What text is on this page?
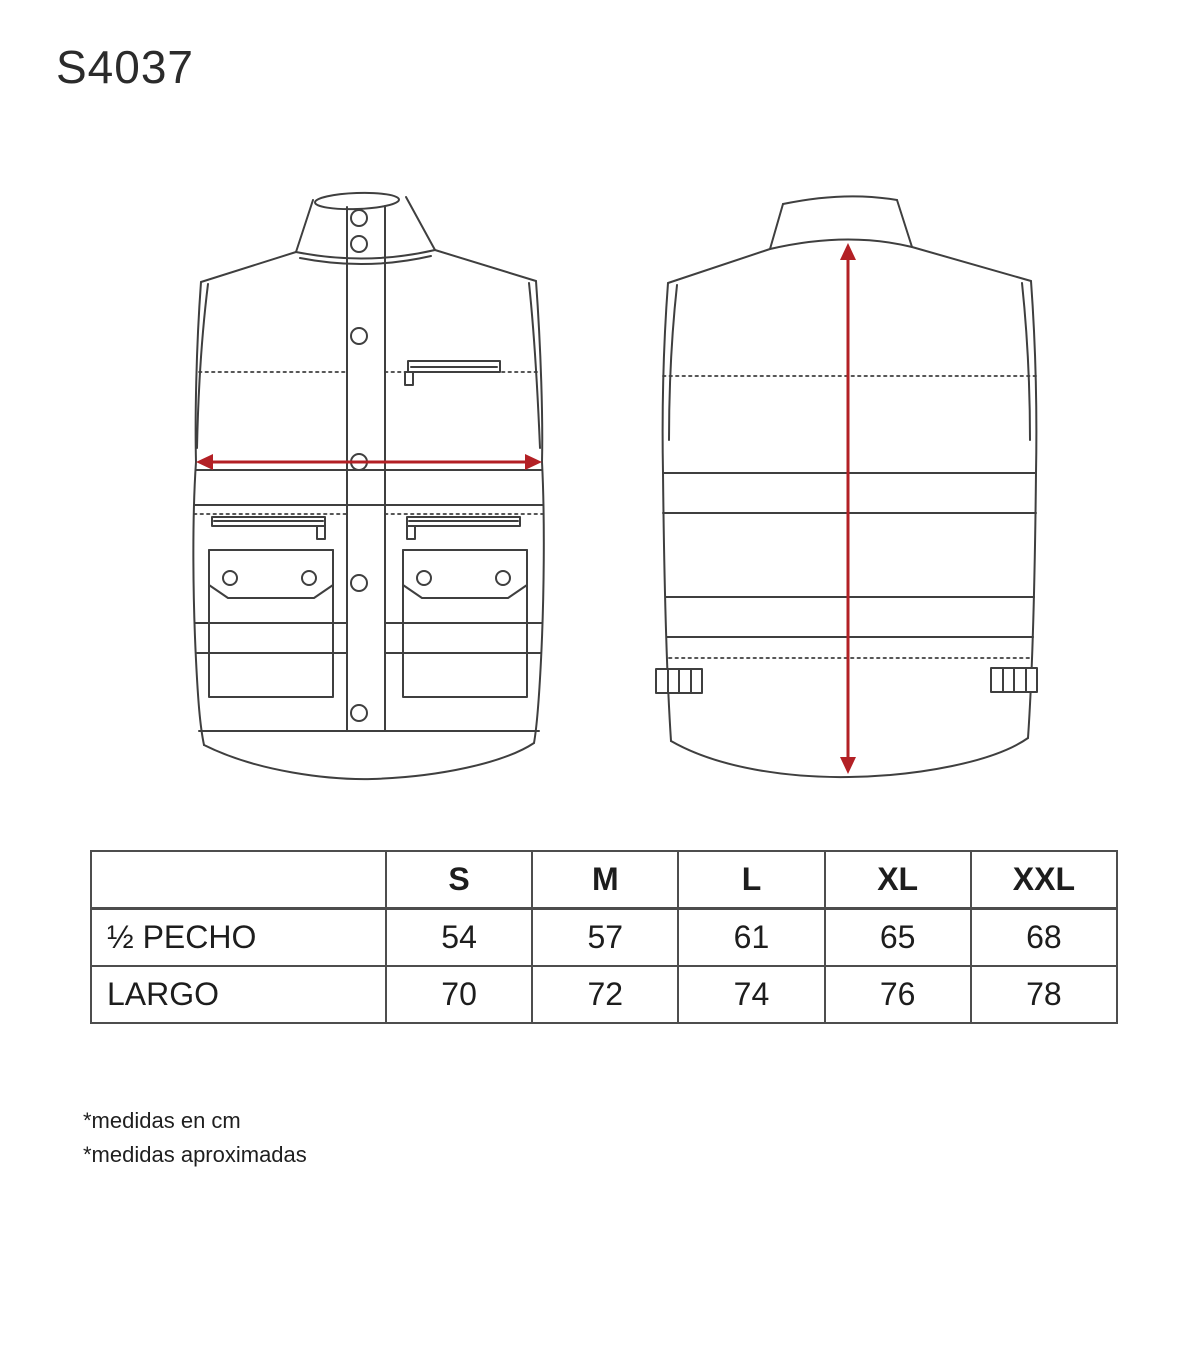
S4037
	S	M	L	XL	XXL
½ PECHO	54	57	61	65	68
LARGO	70	72	74	76	78
*medidas en cm
*medidas aproximadas
